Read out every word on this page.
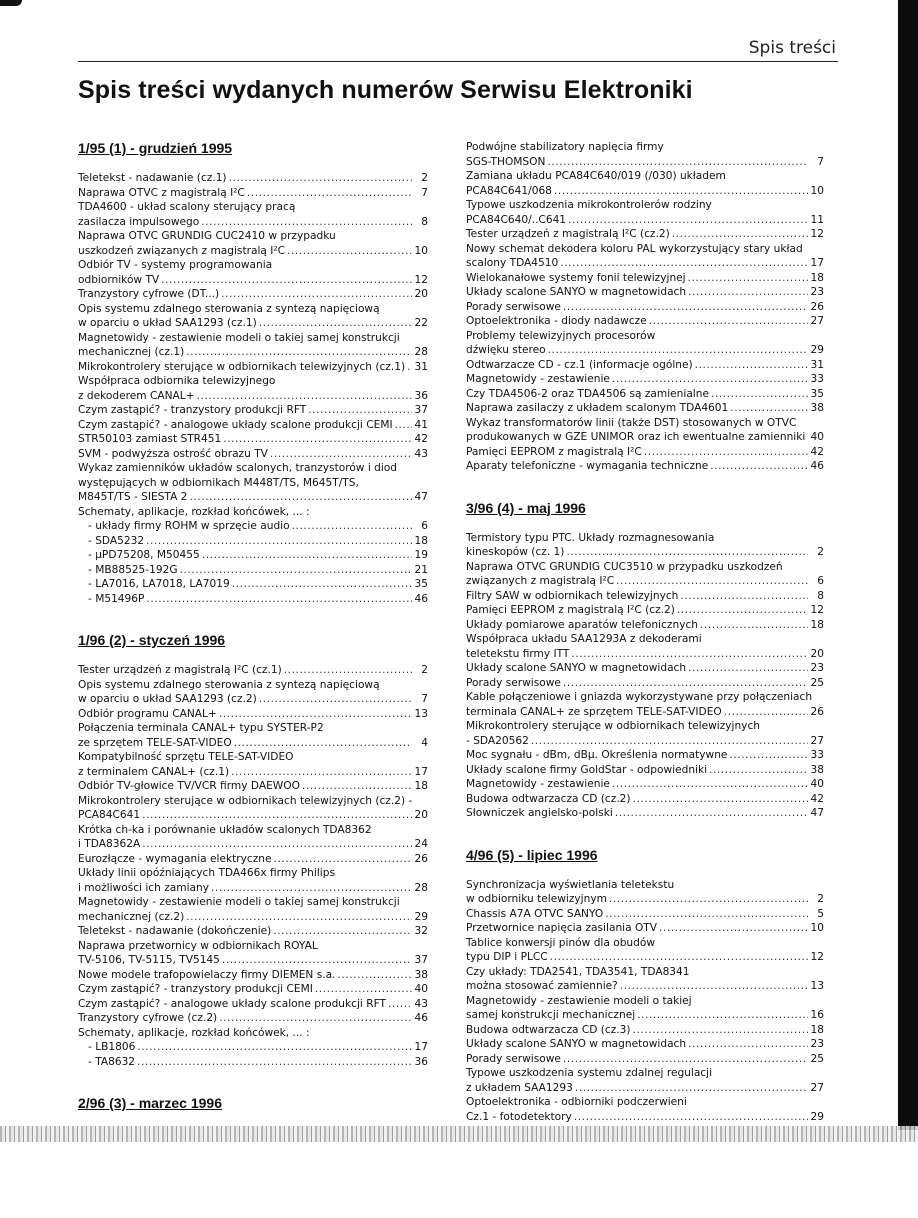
Spis treści
Spis treści wydanych numerów Serwisu Elektroniki
1/95 (1) - grudzień 1995
Teletekst - nadawanie (cz.1) . . .	2
Naprawa OTVC z magistralą I²C . . .	7
TDA4600 - układ scalony sterujący pracą
zasilacza impulsowego . . .	8
Naprawa OTVC GRUNDIG CUC2410 w przypadku
uszkodzeń związanych z magistralą I²C . . .	10
Odbiór TV - systemy programowania
odbiorników TV . . .	12
Tranzystory cyfrowe (DT...) . . .	20
Opis systemu zdalnego sterowania z syntezą napięciową
w oparciu o układ SAA1293 (cz.1) . . .	22
Magnetowidy - zestawienie modeli o takiej samej konstrukcji
mechanicznej (cz.1) . . .	28
Mikrokontrolery sterujące w odbiornikach telewizyjnych (cz.1) . . . 31
Współpraca odbiornika telewizyjnego
z dekoderem CANAL+ . . .	36
Czym zastąpić? - tranzystory produkcji RFT . . .	37
Czym zastąpić? - analogowe układy scalone produkcji CEMI . . . 41
STR50103 zamiast STR451 . . .	42
SVM - podwyższa ostrość obrazu TV . . .	43
Wykaz zamienników układów scalonych, tranzystorów i diod
występujących w odbiornikach M448T/TS, M645T/TS,
M845T/TS - SIESTA 2 . . .	47
Schematy, aplikacje, rozkład końcówek, ... :
- układy firmy ROHM w sprzęcie audio . . .	6
- SDA5232 . . .	18
- µPD75208, M50455 . . .	19
- MB88525-192G . . .	21
- LA7016, LA7018, LA7019 . . .	35
- M51496P . . .	46
1/96 (2) - styczeń 1996
Tester urządzeń z magistralą I²C (cz.1) . . .	2
Opis systemu zdalnego sterowania z syntezą napięciową
w oparciu o układ SAA1293 (cz.2) . . .	7
Odbiór programu CANAL+ . . .	13
Połączenia terminala CANAL+ typu SYSTER-P2
ze sprzętem TELE-SAT-VIDEO . . .	4
Kompatybilność sprzętu TELE-SAT-VIDEO
z terminalem CANAL+ (cz.1) . . .	17
Odbiór TV-głowice TV/VCR firmy DAEWOO . . .	18
Mikrokontrolery sterujące w odbiornikach telewizyjnych (cz.2) -
PCA84C641 . . .	20
Krótka ch-ka i porównanie układów scalonych TDA8362
i TDA8362A . . .	24
Eurozłącze - wymagania elektryczne . . .	26
Układy linii opóźniających TDA466x firmy Philips
i możliwości ich zamiany . . .	28
Magnetowidy - zestawienie modeli o takiej samej konstrukcji
mechanicznej (cz.2) . . .	29
Teletekst - nadawanie (dokończenie) . . .	32
Naprawa przetwornicy w odbiornikach ROYAL
TV-5106, TV-5115, TV5145 . . .	37
Nowe modele trafopowielaczy firmy DIEMEN s.a. . . .	38
Czym zastąpić? - tranzystory produkcji CEMI . . .	40
Czym zastąpić? - analogowe układy scalone produkcji RFT . . .	43
Tranzystory cyfrowe (cz.2) . . .	46
Schematy, aplikacje, rozkład końcówek, ... :
- LB1806 . . .	17
- TA8632 . . .	36
2/96 (3) - marzec 1996
Podwójne stabilizatory napięcia firmy
SGS-THOMSON . . .	7
Zamiana układu PCA84C640/019 (/030) układem
PCA84C641/068 . . .	10
Typowe uszkodzenia mikrokontrolerów rodziny
PCA84C640/..C641 . . .	11
Tester urządzeń z magistralą I²C (cz.2) . . .	12
Nowy schemat dekodera koloru PAL wykorzystujący stary układ
scalony TDA4510 . . .	17
Wielokanałowe systemy fonii telewizyjnej . . .	18
Układy scalone SANYO w magnetowidach . . .	23
Porady serwisowe . . .	26
Optoelektronika - diody nadawcze . . .	27
Problemy telewizyjnych procesorów
dźwięku stereo . . .	29
Odtwarzacze CD - cz.1 (informacje ogólne) . . .	31
Magnetowidy - zestawienie . . .	33
Czy TDA4506-2 oraz TDA4506 są zamienialne . . .	35
Naprawa zasilaczy z układem scalonym TDA4601 . . .	38
Wykaz transformatorów linii (także DST) stosowanych w OTVC
produkowanych w GZE UNIMOR oraz ich ewentualne zamienniki . . . 40
Pamięci EEPROM z magistralą I²C . . .	42
Aparaty telefoniczne - wymagania techniczne . . .	46
3/96 (4) - maj 1996
Termistory typu PTC. Układy rozmagnesowania
kineskopów (cz. 1) . . .	2
Naprawa OTVC GRUNDIG CUC3510 w przypadku uszkodzeń
związanych z magistralą I²C . . .	6
Filtry SAW w odbiornikach telewizyjnych . . .	8
Pamięci EEPROM z magistralą I²C (cz.2) . . .	12
Układy pomiarowe aparatów telefonicznych . . .	18
Współpraca układu SAA1293A z dekoderami
teletekstu firmy ITT . . .	20
Układy scalone SANYO w magnetowidach . . .	23
Porady serwisowe . . .	25
Kable połączeniowe i gniazda wykorzystywane przy połączeniach
terminala CANAL+ ze sprzętem TELE-SAT-VIDEO . . .	26
Mikrokontrolery sterujące w odbiornikach telewizyjnych
- SDA20562 . . .	27
Moc sygnału - dBm, dBµ. Określenia normatywne . . .	33
Układy scalone firmy GoldStar - odpowiedniki . . .	38
Magnetowidy - zestawienie . . .	40
Budowa odtwarzacza CD (cz.2) . . .	42
Słowniczek angielsko-polski . . .	47
4/96 (5) - lipiec 1996
Synchronizacja wyświetlania teletekstu
w odbiorniku telewizyjnym . . .	2
Chassis A7A OTVC SANYO . . .	5
Przetwornice napięcia zasilania OTV . . .	10
Tablice konwersji pinów dla obudów
typu DIP i PLCC . . .	12
Czy układy: TDA2541, TDA3541, TDA8341
można stosować zamiennie? . . .	13
Magnetowidy - zestawienie modeli o takiej
samej konstrukcji mechanicznej . . .	16
Budowa odtwarzacza CD (cz.3) . . .	18
Układy scalone SANYO w magnetowidach . . .	23
Porady serwisowe . . .	25
Typowe uszkodzenia systemu zdalnej regulacji
z układem SAA1293 . . .	27
Optoelektronika - odbiorniki podczerwieni
Cz.1 - fotodetektory . . .	29
